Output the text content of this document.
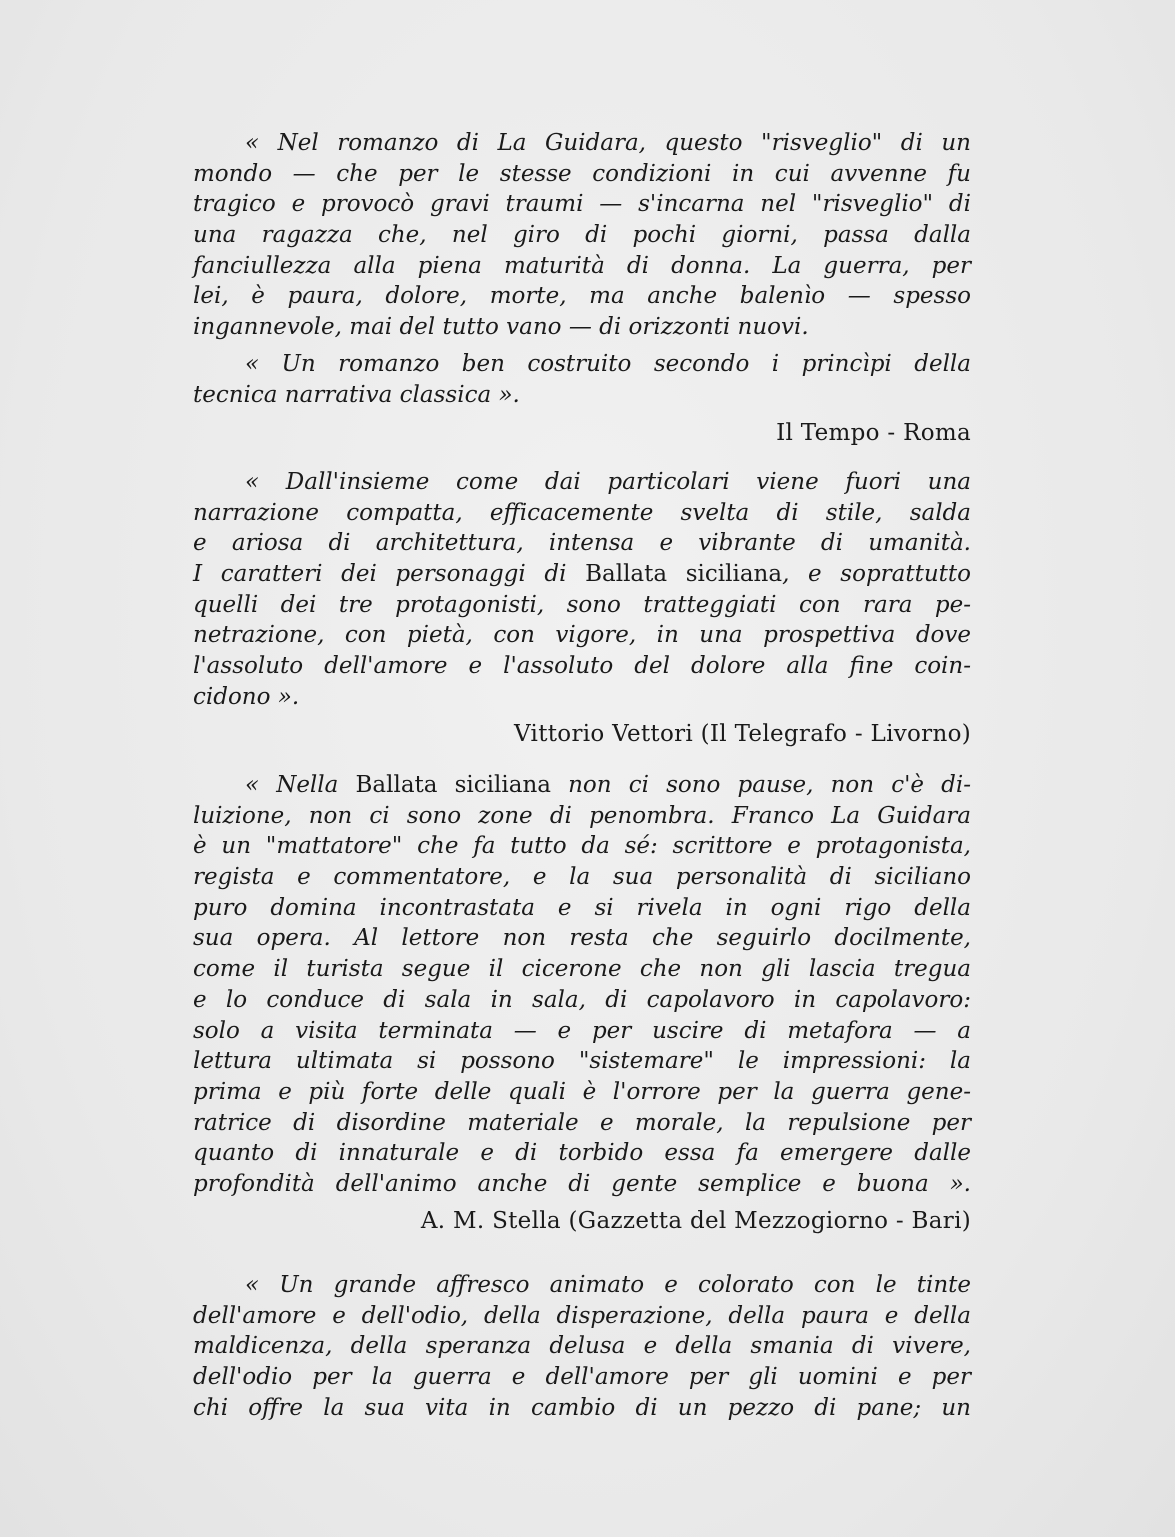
« Nel romanzo di La Guidara, questo "risveglio" di un
mondo — che per le stesse condizioni in cui avvenne fu
tragico e provocò gravi traumi — s'incarna nel "risveglio" di
una ragazza che, nel giro di pochi giorni, passa dalla
fanciullezza alla piena maturità di donna. La guerra, per
lei, è paura, dolore, morte, ma anche balenìo — spesso
ingannevole, mai del tutto vano — di orizzonti nuovi.
« Un romanzo ben costruito secondo i princìpi della
tecnica narrativa classica ».
Il Tempo - Roma
« Dall'insieme come dai particolari viene fuori una
narrazione compatta, efficacemente svelta di stile, salda
e ariosa di architettura, intensa e vibrante di umanità.
I caratteri dei personaggi di Ballata siciliana, e soprattutto
quelli dei tre protagonisti, sono tratteggiati con rara pe-
netrazione, con pietà, con vigore, in una prospettiva dove
l'assoluto dell'amore e l'assoluto del dolore alla fine coin-
cidono ».
Vittorio Vettori (Il Telegrafo - Livorno)
« Nella Ballata siciliana non ci sono pause, non c'è di-
luizione, non ci sono zone di penombra. Franco La Guidara
è un "mattatore" che fa tutto da sé: scrittore e protagonista,
regista e commentatore, e la sua personalità di siciliano
puro domina incontrastata e si rivela in ogni rigo della
sua opera. Al lettore non resta che seguirlo docilmente,
come il turista segue il cicerone che non gli lascia tregua
e lo conduce di sala in sala, di capolavoro in capolavoro:
solo a visita terminata — e per uscire di metafora — a
lettura ultimata si possono "sistemare" le impressioni: la
prima e più forte delle quali è l'orrore per la guerra gene-
ratrice di disordine materiale e morale, la repulsione per
quanto di innaturale e di torbido essa fa emergere dalle
profondità dell'animo anche di gente semplice e buona ».
A. M. Stella (Gazzetta del Mezzogiorno - Bari)
« Un grande affresco animato e colorato con le tinte
dell'amore e dell'odio, della disperazione, della paura e della
maldicenza, della speranza delusa e della smania di vivere,
dell'odio per la guerra e dell'amore per gli uomini e per
chi offre la sua vita in cambio di un pezzo di pane; un
